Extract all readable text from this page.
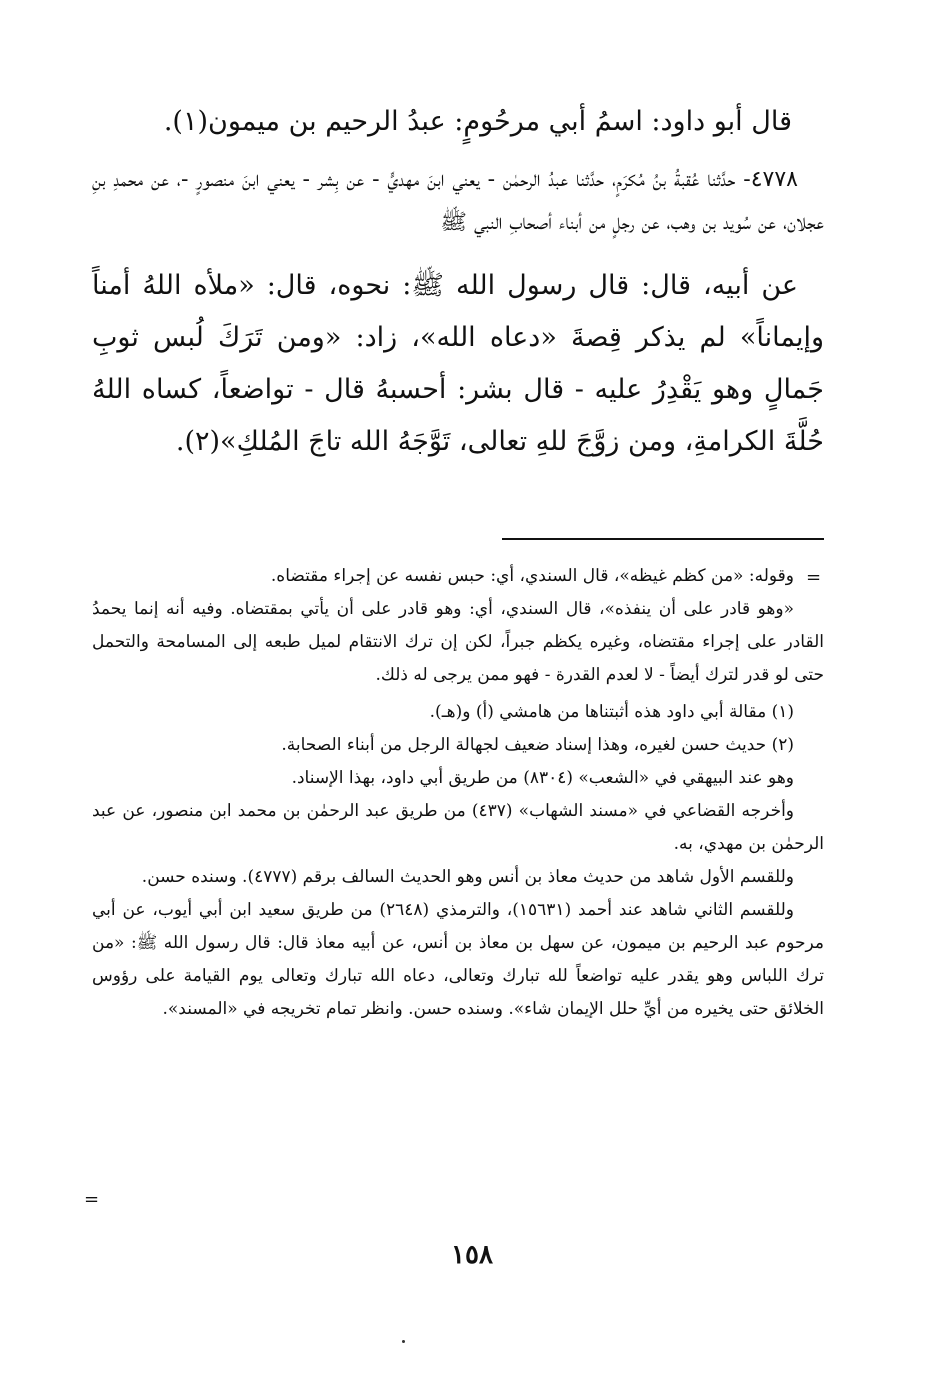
قال أبو داود: اسمُ أبي مرحُومٍ: عبدُ الرحيم بن ميمون(١).

٤٧٧٨- حدَّثنا عُقبةُ بنُ مُكرَمٍ، حدَّثنا عبدُ الرحمٰن - يعني ابنَ مهديٍّ - عن بِشر - يعني ابنَ منصورٍ -، عن محمدِ بنِ عجلان، عن سُويد بن وهب، عن رجلٍ من أبناء أصحابِ النبي ﷺ

عن أبيه، قال: قال رسول الله ﷺ: نحوه، قال: «ملأه اللهُ أمناً وإيماناً» لم يذكر قِصةَ «دعاه الله»، زاد: «ومن تَرَكَ لُبس ثوبِ جَمالٍ وهو يَقْدِرُ عليه - قال بشر: أحسبهُ قال - تواضعاً، كساه اللهُ حُلَّةَ الكرامةِ، ومن زوَّجَ للهِ تعالى، تَوَّجَهُ الله تاجَ المُلكِ»(٢).

=

وقوله: «من كظم غيظه»، قال السندي، أي: حبس نفسه عن إجراء مقتضاه.

«وهو قادر على أن ينفذه»، قال السندي، أي: وهو قادر على أن يأتي بمقتضاه. وفيه أنه إنما يحمدُ القادر على إجراء مقتضاه، وغيره يكظم جبراً، لكن إن ترك الانتقام لميل طبعه إلى المسامحة والتحمل حتى لو قدر لترك أيضاً - لا لعدم القدرة - فهو ممن يرجى له ذلك.

(١) مقالة أبي داود هذه أثبتناها من هامشي (أ) و(هـ).

(٢) حديث حسن لغيره، وهذا إسناد ضعيف لجهالة الرجل من أبناء الصحابة.

وهو عند البيهقي في «الشعب» (٨٣٠٤) من طريق أبي داود، بهذا الإسناد.

وأخرجه القضاعي في «مسند الشهاب» (٤٣٧) من طريق عبد الرحمٰن بن محمد ابن منصور، عن عبد الرحمٰن بن مهدي، به.

وللقسم الأول شاهد من حديث معاذ بن أنس وهو الحديث السالف برقم (٤٧٧٧). وسنده حسن.

وللقسم الثاني شاهد عند أحمد (١٥٦٣١)، والترمذي (٢٦٤٨) من طريق سعيد ابن أبي أيوب، عن أبي مرحوم عبد الرحيم بن ميمون، عن سهل بن معاذ بن أنس، عن أبيه معاذ قال: قال رسول الله ﷺ: «من ترك اللباس وهو يقدر عليه تواضعاً لله تبارك وتعالى، دعاه الله تبارك وتعالى يوم القيامة على رؤوس الخلائق حتى يخيره من أيِّ حلل الإيمان شاء». وسنده حسن. وانظر تمام تخريجه في «المسند».

=
١٥٨
